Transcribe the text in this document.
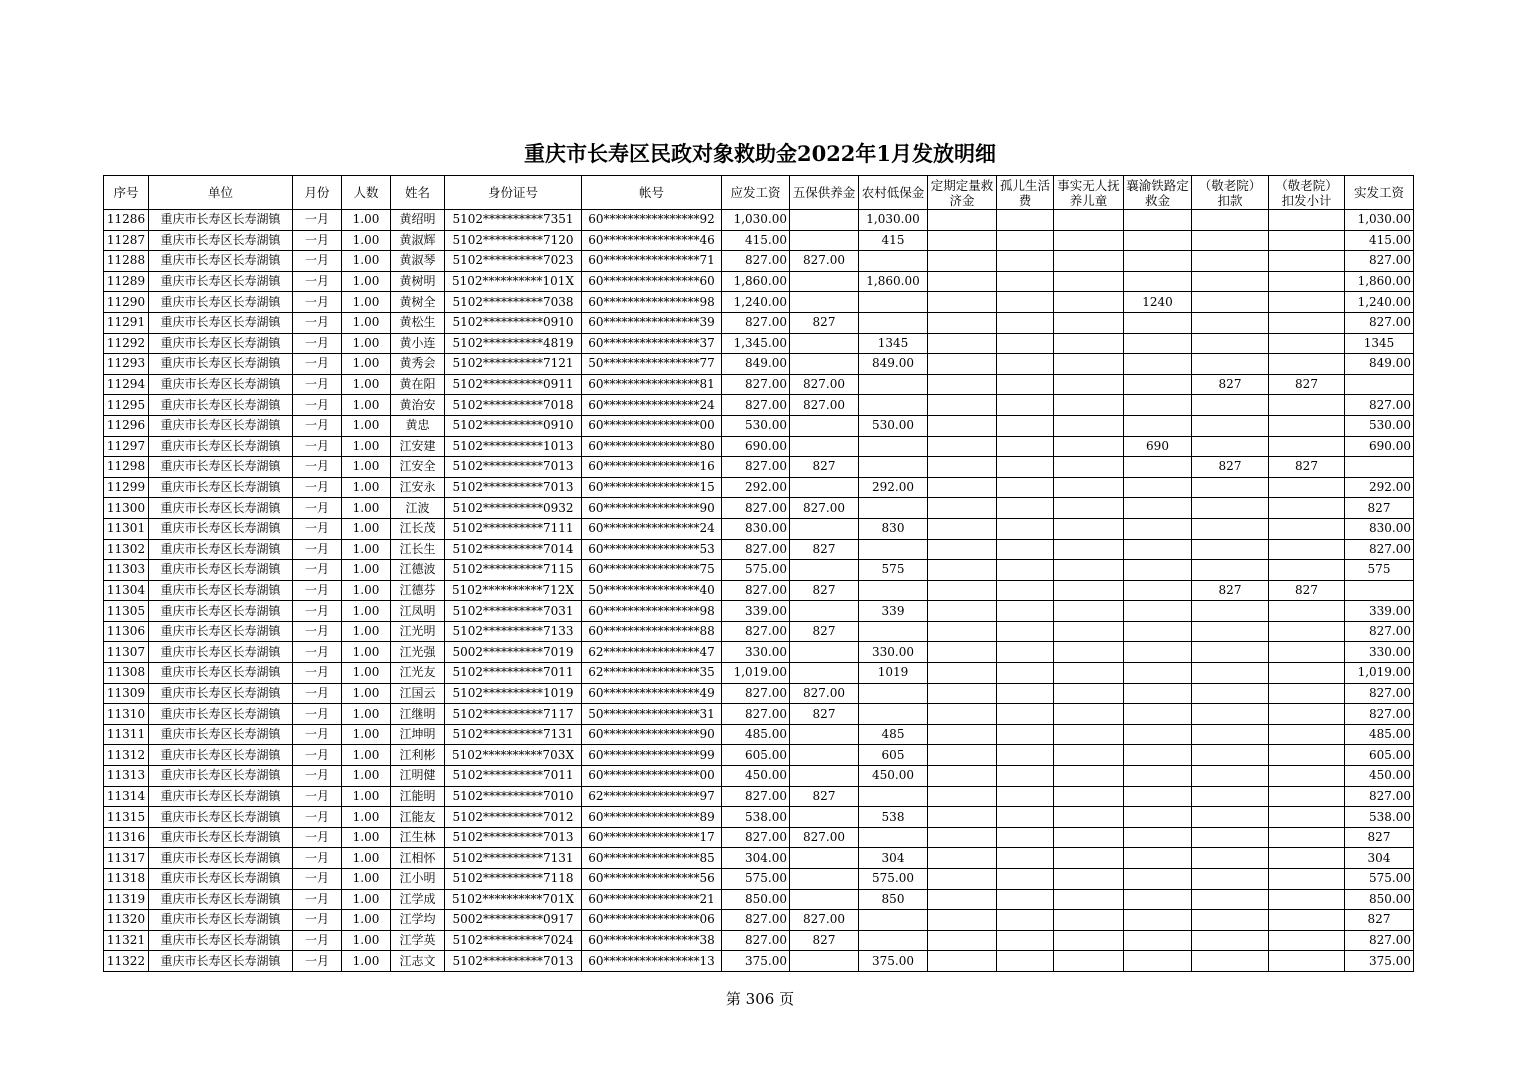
重庆市长寿区民政对象救助金2022年1月发放明细
序号	单位	月份	人数	姓名	身份证号	帐号	应发工资	五保供养金	农村低保金	定期定量救济金	孤儿生活费	事实无人抚养儿童	襄渝铁路定救金	（敬老院）扣款	（敬老院）扣发小计	实发工资
11286	重庆市长寿区长寿湖镇	一月	1.00	黄绍明	5102**********7351	60****************92	1,030.00		1,030.00							1,030.00
11287	重庆市长寿区长寿湖镇	一月	1.00	黄淑辉	5102**********7120	60****************46	415.00		415							415.00
11288	重庆市长寿区长寿湖镇	一月	1.00	黄淑琴	5102**********7023	60****************71	827.00	827.00								827.00
11289	重庆市长寿区长寿湖镇	一月	1.00	黄树明	5102**********101X	60****************60	1,860.00		1,860.00							1,860.00
11290	重庆市长寿区长寿湖镇	一月	1.00	黄树全	5102**********7038	60****************98	1,240.00						1240			1,240.00
11291	重庆市长寿区长寿湖镇	一月	1.00	黄松生	5102**********0910	60****************39	827.00	827								827.00
11292	重庆市长寿区长寿湖镇	一月	1.00	黄小连	5102**********4819	60****************37	1,345.00		1345							1345
11293	重庆市长寿区长寿湖镇	一月	1.00	黄秀会	5102**********7121	50****************77	849.00		849.00							849.00
11294	重庆市长寿区长寿湖镇	一月	1.00	黄在阳	5102**********0911	60****************81	827.00	827.00						827	827	
11295	重庆市长寿区长寿湖镇	一月	1.00	黄治安	5102**********7018	60****************24	827.00	827.00								827.00
11296	重庆市长寿区长寿湖镇	一月	1.00	黄忠	5102**********0910	60****************00	530.00		530.00							530.00
11297	重庆市长寿区长寿湖镇	一月	1.00	江安建	5102**********1013	60****************80	690.00						690			690.00
11298	重庆市长寿区长寿湖镇	一月	1.00	江安全	5102**********7013	60****************16	827.00	827						827	827	
11299	重庆市长寿区长寿湖镇	一月	1.00	江安永	5102**********7013	60****************15	292.00		292.00							292.00
11300	重庆市长寿区长寿湖镇	一月	1.00	江波	5102**********0932	60****************90	827.00	827.00								827
11301	重庆市长寿区长寿湖镇	一月	1.00	江长茂	5102**********7111	60****************24	830.00		830							830.00
11302	重庆市长寿区长寿湖镇	一月	1.00	江长生	5102**********7014	60****************53	827.00	827								827.00
11303	重庆市长寿区长寿湖镇	一月	1.00	江德波	5102**********7115	60****************75	575.00		575							575
11304	重庆市长寿区长寿湖镇	一月	1.00	江德芬	5102**********712X	50****************40	827.00	827						827	827	
11305	重庆市长寿区长寿湖镇	一月	1.00	江凤明	5102**********7031	60****************98	339.00		339							339.00
11306	重庆市长寿区长寿湖镇	一月	1.00	江光明	5102**********7133	60****************88	827.00	827								827.00
11307	重庆市长寿区长寿湖镇	一月	1.00	江光强	5002**********7019	62****************47	330.00		330.00							330.00
11308	重庆市长寿区长寿湖镇	一月	1.00	江光友	5102**********7011	62****************35	1,019.00		1019							1,019.00
11309	重庆市长寿区长寿湖镇	一月	1.00	江国云	5102**********1019	60****************49	827.00	827.00								827.00
11310	重庆市长寿区长寿湖镇	一月	1.00	江继明	5102**********7117	50****************31	827.00	827								827.00
11311	重庆市长寿区长寿湖镇	一月	1.00	江坤明	5102**********7131	60****************90	485.00		485							485.00
11312	重庆市长寿区长寿湖镇	一月	1.00	江利彬	5102**********703X	60****************99	605.00		605							605.00
11313	重庆市长寿区长寿湖镇	一月	1.00	江明健	5102**********7011	60****************00	450.00		450.00							450.00
11314	重庆市长寿区长寿湖镇	一月	1.00	江能明	5102**********7010	62****************97	827.00	827								827.00
11315	重庆市长寿区长寿湖镇	一月	1.00	江能友	5102**********7012	60****************89	538.00		538							538.00
11316	重庆市长寿区长寿湖镇	一月	1.00	江生林	5102**********7013	60****************17	827.00	827.00								827
11317	重庆市长寿区长寿湖镇	一月	1.00	江相怀	5102**********7131	60****************85	304.00		304							304
11318	重庆市长寿区长寿湖镇	一月	1.00	江小明	5102**********7118	60****************56	575.00		575.00							575.00
11319	重庆市长寿区长寿湖镇	一月	1.00	江学成	5102**********701X	60****************21	850.00		850							850.00
11320	重庆市长寿区长寿湖镇	一月	1.00	江学均	5002**********0917	60****************06	827.00	827.00								827
11321	重庆市长寿区长寿湖镇	一月	1.00	江学英	5102**********7024	60****************38	827.00	827								827.00
11322	重庆市长寿区长寿湖镇	一月	1.00	江志文	5102**********7013	60****************13	375.00		375.00							375.00
第 306 页
